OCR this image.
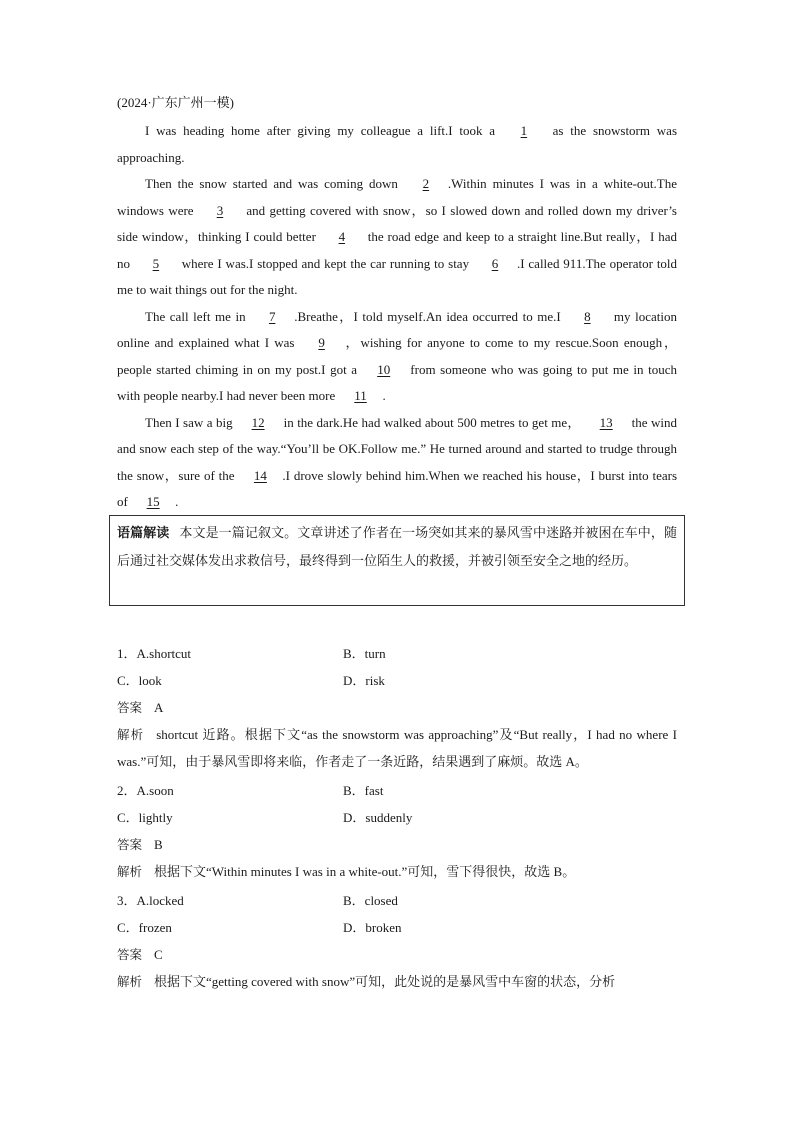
(2024·广东广州一模)

I was heading home after giving my colleague a lift.I took a 1 as the snowstorm was approaching.

Then the snow started and was coming down 2 .Within minutes I was in a white-out.The windows were 3 and getting covered with snow，so I slowed down and rolled down my driver’s side window，thinking I could better 4 the road edge and keep to a straight line.But really，I had no 5 where I was.I stopped and kept the car running to stay 6 .I called 911.The operator told me to wait things out for the night.

The call left me in 7 .Breathe，I told myself.An idea occurred to me.I 8 my location online and explained what I was 9 ，wishing for anyone to come to my rescue.Soon enough，people started chiming in on my post.I got a 10 from someone who was going to put me in touch with people nearby.I had never been more 11 .

Then I saw a big 12 in the dark.He had walked about 500 metres to get me， 13 the wind and snow each step of the way.“You’ll be OK.Follow me.” He turned around and started to trudge through the snow，sure of the 14 .I drove slowly behind him.When we reached his house，I burst into tears of 15 .

语篇解读 本文是一篇记叙文。文章讲述了作者在一场突如其来的暴风雪中迷路并被困在车中，随后通过社交媒体发出求救信号，最终得到一位陌生人的救援，并被引领至安全之地的经历。
1．A.shortcut	B．turn
C．look	D．risk
答案 A
解析 shortcut 近路。根据下文“as the snowstorm was approaching”及“But really，I had no where I was.”可知，由于暴风雪即将来临，作者走了一条近路，结果遇到了麻烦。故选 A。
2．A.soon	B．fast
C．lightly	D．suddenly
答案 B
解析 根据下文“Within minutes I was in a white-out.”可知，雪下得很快，故选 B。
3．A.locked	B．closed
C．frozen	D．broken
答案 C
解析 根据下文“getting covered with snow”可知，此处说的是暴风雪中车窗的状态，分析
